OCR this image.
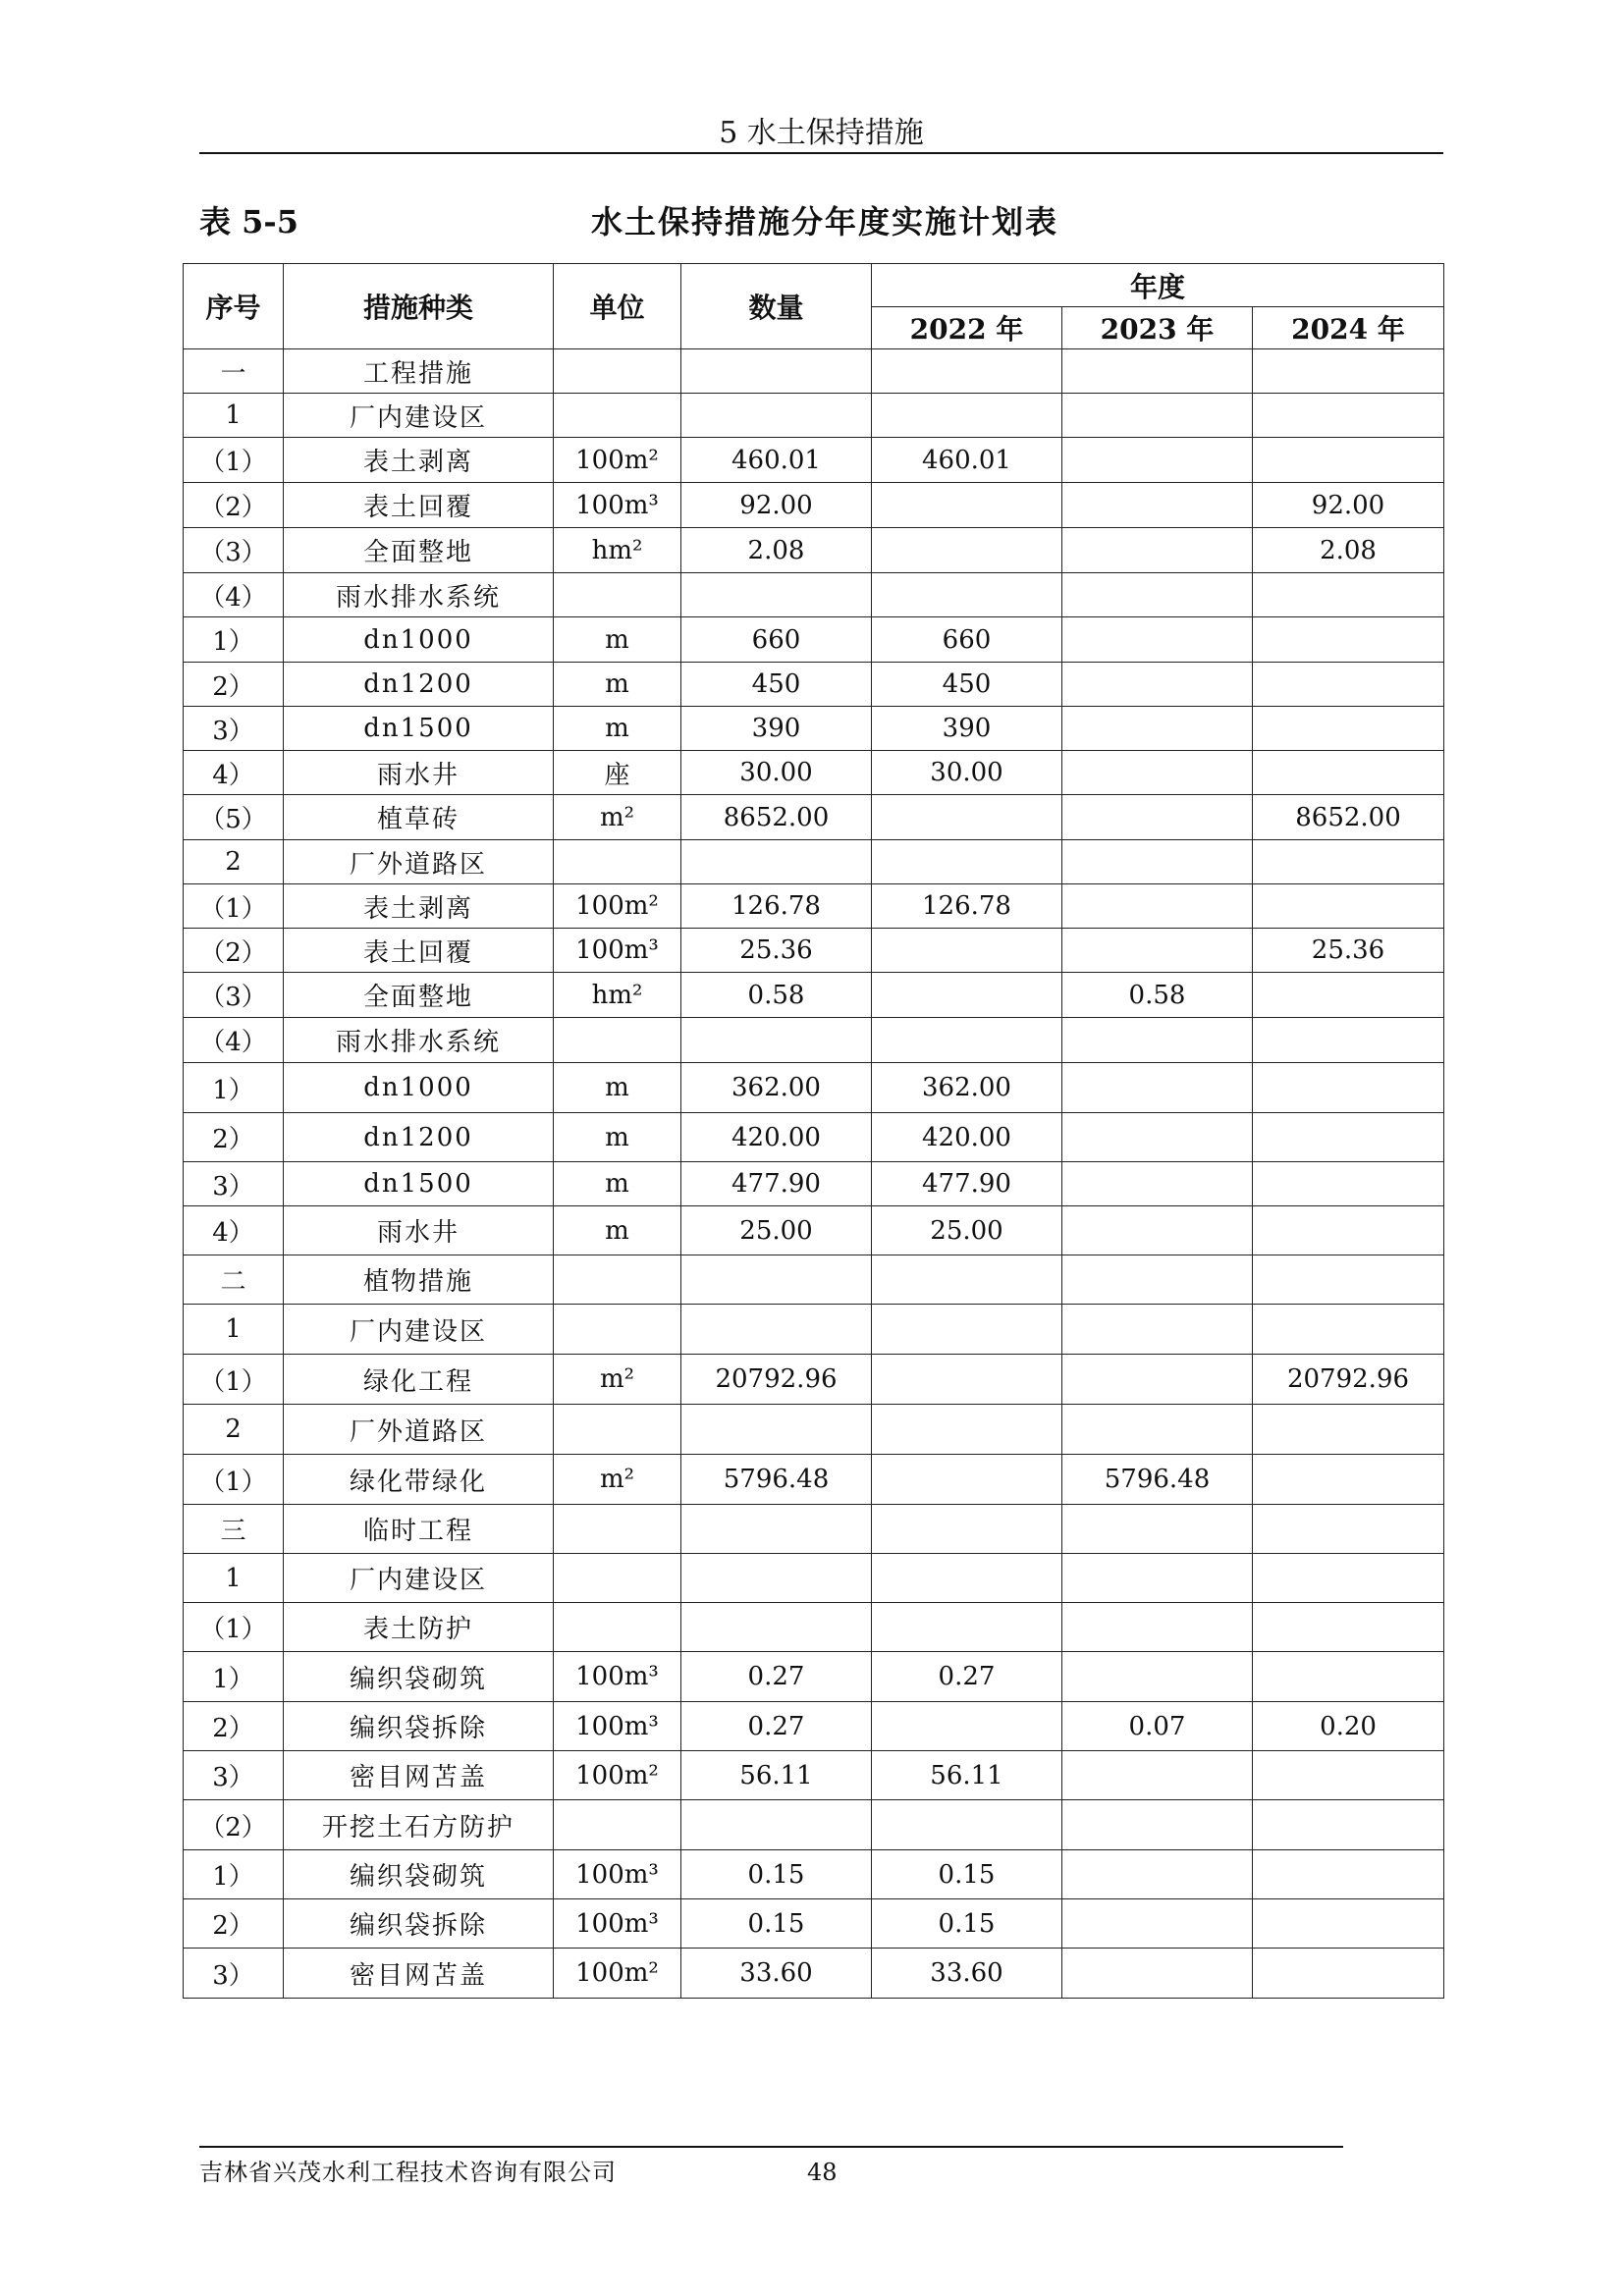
5 水土保持措施
表 5-5	水土保持措施分年度实施计划表
序号	措施种类	单位	数量	年度		
				2022 年	2023 年	2024 年
一	工程措施					
1	厂内建设区					
（1）	表土剥离	100m²	460.01	460.01		
（2）	表土回覆	100m³	92.00			92.00
（3）	全面整地	hm²	2.08			2.08
（4）	雨水排水系统					
1）	dn1000	m	660	660		
2）	dn1200	m	450	450		
3）	dn1500	m	390	390		
4）	雨水井	座	30.00	30.00		
（5）	植草砖	m²	8652.00			8652.00
2	厂外道路区					
（1）	表土剥离	100m²	126.78	126.78		
（2）	表土回覆	100m³	25.36			25.36
（3）	全面整地	hm²	0.58		0.58	
（4）	雨水排水系统					
1）	dn1000	m	362.00	362.00		
2）	dn1200	m	420.00	420.00		
3）	dn1500	m	477.90	477.90		
4）	雨水井	m	25.00	25.00		
二	植物措施					
1	厂内建设区					
（1）	绿化工程	m²	20792.96			20792.96
2	厂外道路区					
（1）	绿化带绿化	m²	5796.48		5796.48	
三	临时工程					
1	厂内建设区					
（1）	表土防护					
1）	编织袋砌筑	100m³	0.27	0.27		
2）	编织袋拆除	100m³	0.27		0.07	0.20
3）	密目网苫盖	100m²	56.11	56.11		
（2）	开挖土石方防护					
1）	编织袋砌筑	100m³	0.15	0.15		
2）	编织袋拆除	100m³	0.15	0.15		
3）	密目网苫盖	100m²	33.60	33.60		
吉林省兴茂水利工程技术咨询有限公司	48
